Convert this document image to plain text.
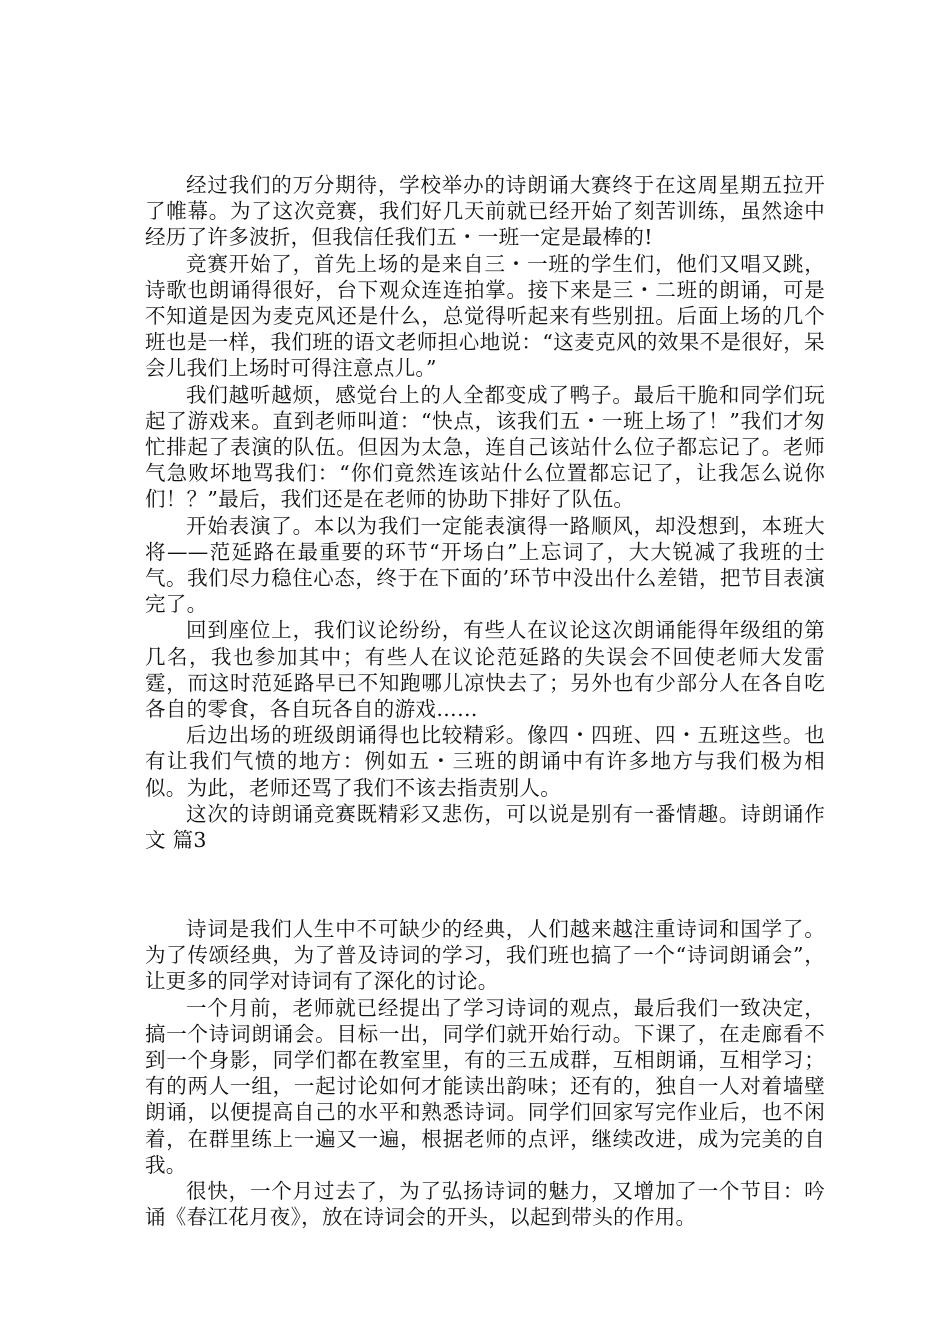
经过我们的万分期待，学校举办的诗朗诵大赛终于在这周星期五拉开了帷幕。为了这次竞赛，我们好几天前就已经开始了刻苦训练，虽然途中经历了许多波折，但我信任我们五・一班一定是最棒的!

竞赛开始了，首先上场的是来自三・一班的学生们，他们又唱又跳，诗歌也朗诵得很好，台下观众连连拍掌。接下来是三・二班的朗诵，可是不知道是因为麦克风还是什么，总觉得听起来有些别扭。后面上场的几个班也是一样，我们班的语文老师担心地说：“这麦克风的效果不是很好，呆会儿我们上场时可得注意点儿。”

我们越听越烦，感觉台上的人全都变成了鸭子。最后干脆和同学们玩起了游戏来。直到老师叫道：“快点，该我们五・一班上场了！”我们才匆忙排起了表演的队伍。但因为太急，连自己该站什么位子都忘记了。老师气急败坏地骂我们：“你们竟然连该站什么位置都忘记了，让我怎么说你们！？”最后，我们还是在老师的协助下排好了队伍。

开始表演了。本以为我们一定能表演得一路顺风，却没想到，本班大将——范延路在最重要的环节“开场白”上忘词了，大大锐减了我班的士气。我们尽力稳住心态，终于在下面的’环节中没出什么差错，把节目表演完了。

回到座位上，我们议论纷纷，有些人在议论这次朗诵能得年级组的第几名，我也参加其中；有些人在议论范延路的失误会不回使老师大发雷霆，而这时范延路早已不知跑哪儿凉快去了；另外也有少部分人在各自吃各自的零食，各自玩各自的游戏……

后边出场的班级朗诵得也比较精彩。像四・四班、四・五班这些。也有让我们气愤的地方：例如五・三班的朗诵中有许多地方与我们极为相似。为此，老师还骂了我们不该去指责别人。

这次的诗朗诵竞赛既精彩又悲伤，可以说是别有一番情趣。诗朗诵作文 篇3

诗词是我们人生中不可缺少的经典，人们越来越注重诗词和国学了。为了传颂经典，为了普及诗词的学习，我们班也搞了一个“诗词朗诵会”，让更多的同学对诗词有了深化的讨论。

一个月前，老师就已经提出了学习诗词的观点，最后我们一致决定，搞一个诗词朗诵会。目标一出，同学们就开始行动。下课了，在走廊看不到一个身影，同学们都在教室里，有的三五成群，互相朗诵，互相学习；有的两人一组，一起讨论如何才能读出韵味；还有的，独自一人对着墙壁朗诵，以便提高自己的水平和熟悉诗词。同学们回家写完作业后，也不闲着，在群里练上一遍又一遍，根据老师的点评，继续改进，成为完美的自我。

很快，一个月过去了，为了弘扬诗词的魅力，又增加了一个节目：吟诵《春江花月夜》，放在诗词会的开头，以起到带头的作用。
